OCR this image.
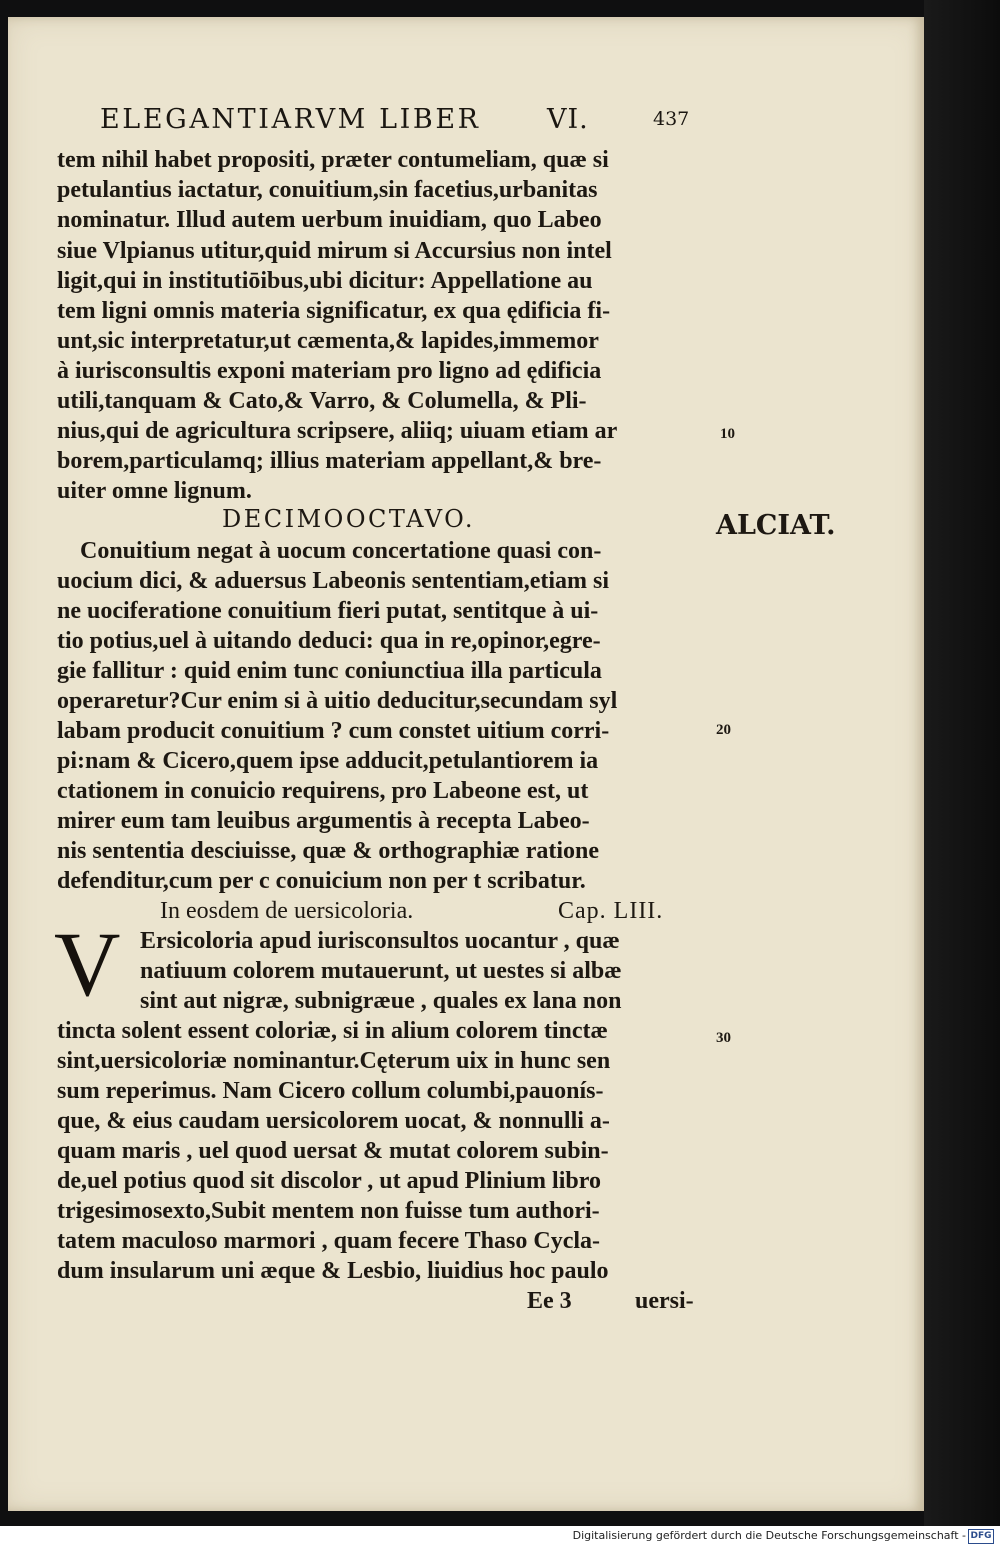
ELEGANTIARVM LIBER VI.	437
tem nihil habet propositi, præter contumeliam, quæ si
petulantius iactatur, conuitium,sin facetius,urbanitas
nominatur. Illud autem uerbum inuidiam, quo Labeo
siue Vlpianus utitur,quid mirum si Accursius non intel
ligit,qui in institutiōibus,ubi dicitur: Appellatione au
tem ligni omnis materia significatur, ex qua ędificia fi-
unt,sic interpretatur,ut cæmenta,& lapides,immemor
à iurisconsultis exponi materiam pro ligno ad ędificia
utili,tanquam & Cato,& Varro, & Columella, & Pli-
nius,qui de agricultura scripsere, aliiq; uiuam etiam ar
borem,particulamq; illius materiam appellant,& bre-
uiter omne lignum.
DECIMOOCTAVO.	ALCIAT.
Conuitium negat à uocum concertatione quasi con-
uocium dici, & aduersus Labeonis sententiam,etiam si
ne uociferatione conuitium fieri putat, sentitque à ui-
tio potius,uel à uitando deduci: qua in re,opinor,egre-
gie fallitur : quid enim tunc coniunctiua illa particula
operaretur?Cur enim si à uitio deducitur,secundam syl
labam producit conuitium ? cum constet uitium corri-
pi:nam & Cicero,quem ipse adducit,petulantiorem ia
ctationem in conuicio requirens, pro Labeone est, ut
mirer eum tam leuibus argumentis à recepta Labeo-
nis sententia desciuisse, quæ & orthographiæ ratione
defenditur,cum per c conuicium non per t scribatur.
In eosdem de uersicoloria.	Cap. LIII.
V Ersicoloria apud iurisconsultos uocantur , quæ
natiuum colorem mutauerunt, ut uestes si albæ
sint aut nigræ, subnigræue , quales ex lana non
tincta solent essent coloriæ, si in alium colorem tinctæ
sint,uersicoloriæ nominantur.Cęterum uix in hunc sen
sum reperimus. Nam Cicero collum columbi,pauonís-
que, & eius caudam uersicolorem uocat, & nonnulli a-
quam maris , uel quod uersat & mutat colorem subin-
de,uel potius quod sit discolor , ut apud Plinium libro
trigesimosexto,Subit mentem non fuisse tum authori-
tatem maculoso marmori , quam fecere Thaso Cycla-
dum insularum uni æque & Lesbio, liuidius hoc paulo
Ee 3	uersi-
10
20
30
Digitalisierung gefördert durch die Deutsche Forschungsgemeinschaft - DFG
